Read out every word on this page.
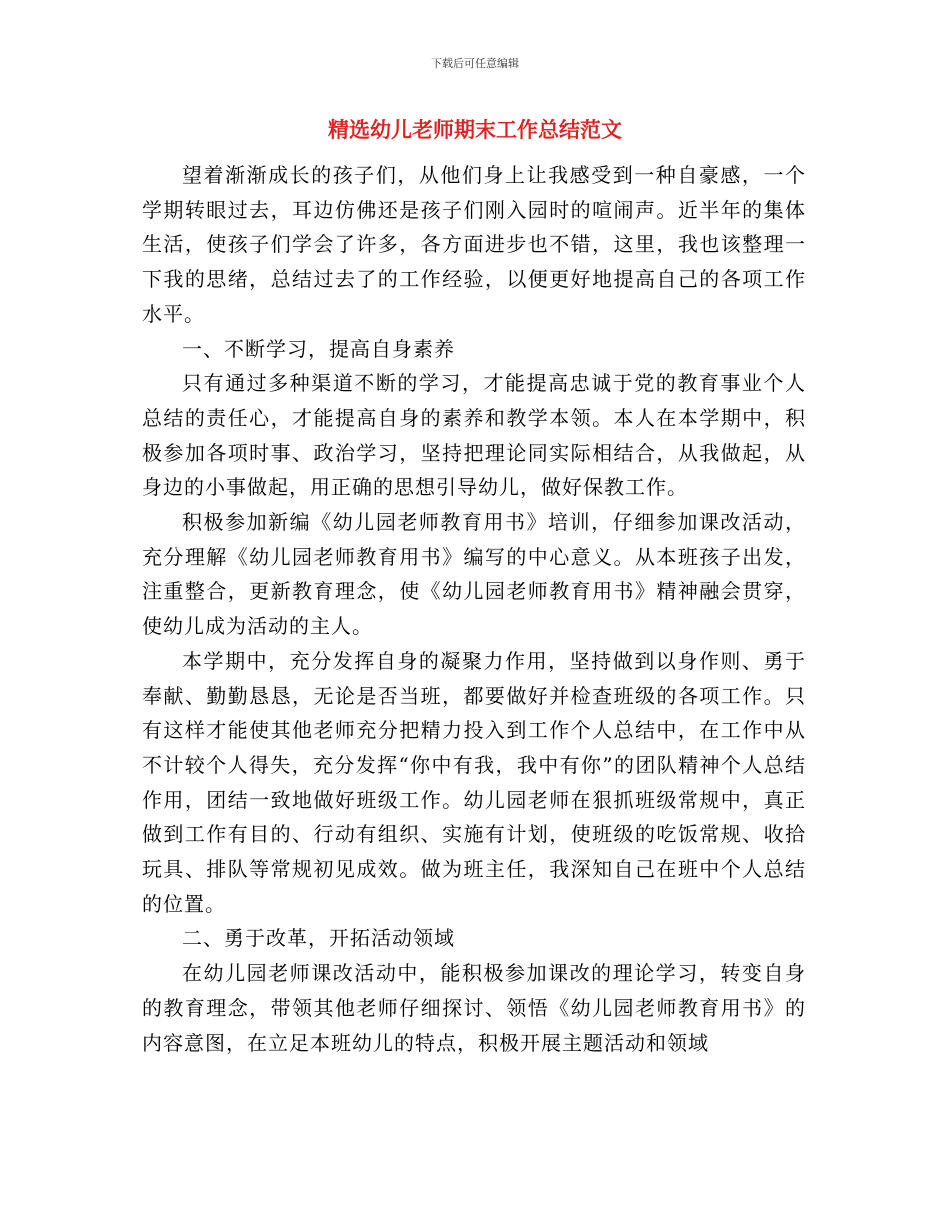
下载后可任意编辑
精选幼儿老师期末工作总结范文

望着渐渐成长的孩子们，从他们身上让我感受到一种自豪感，一个学期转眼过去，耳边仿佛还是孩子们刚入园时的喧闹声。近半年的集体生活，使孩子们学会了许多，各方面进步也不错，这里，我也该整理一下我的思绪，总结过去了的工作经验，以便更好地提高自己的各项工作水平。

一、不断学习，提高自身素养

只有通过多种渠道不断的学习，才能提高忠诚于党的教育事业个人总结的责任心，才能提高自身的素养和教学本领。本人在本学期中，积极参加各项时事、政治学习，坚持把理论同实际相结合，从我做起，从身边的小事做起，用正确的思想引导幼儿，做好保教工作。

积极参加新编《幼儿园老师教育用书》培训，仔细参加课改活动，充分理解《幼儿园老师教育用书》编写的中心意义。从本班孩子出发，注重整合，更新教育理念，使《幼儿园老师教育用书》精神融会贯穿，使幼儿成为活动的主人。

本学期中，充分发挥自身的凝聚力作用，坚持做到以身作则、勇于奉献、勤勤恳恳，无论是否当班，都要做好并检查班级的各项工作。只有这样才能使其他老师充分把精力投入到工作个人总结中，在工作中从不计较个人得失，充分发挥“你中有我，我中有你”的团队精神个人总结作用，团结一致地做好班级工作。幼儿园老师在狠抓班级常规中，真正做到工作有目的、行动有组织、实施有计划，使班级的吃饭常规、收拾玩具、排队等常规初见成效。做为班主任，我深知自己在班中个人总结的位置。

二、勇于改革，开拓活动领域

在幼儿园老师课改活动中，能积极参加课改的理论学习，转变自身的教育理念，带领其他老师仔细探讨、领悟《幼儿园老师教育用书》的内容意图，在立足本班幼儿的特点，积极开展主题活动和领域
